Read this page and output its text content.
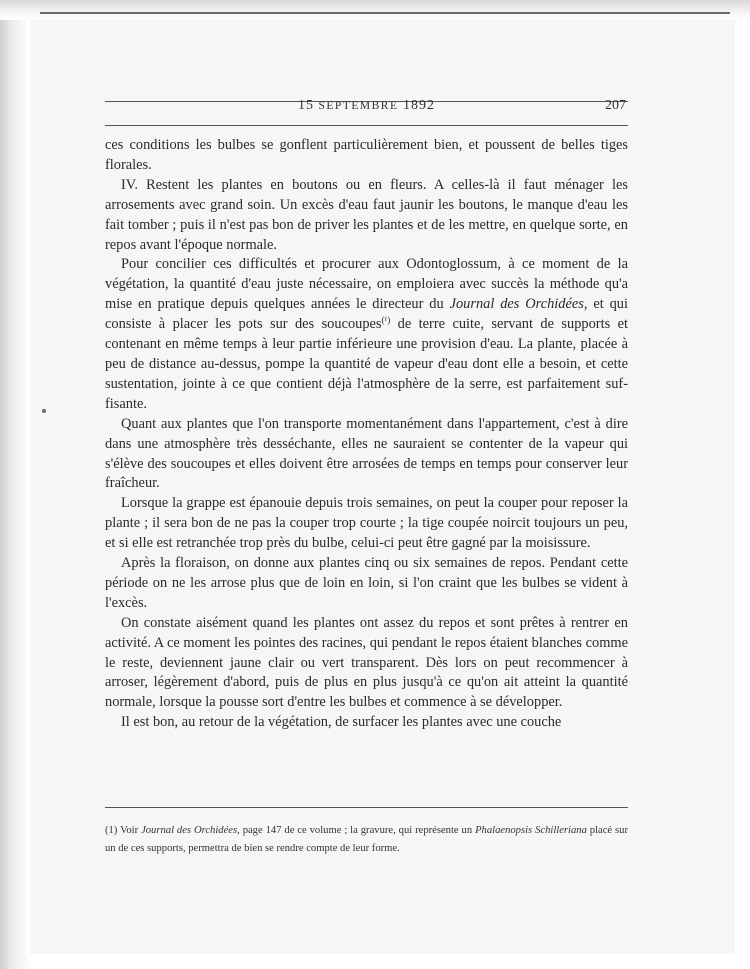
15 SEPTEMBRE 1892	207

ces conditions les bulbes se gonflent particulièrement bien, et poussent de belles tiges florales.

IV. Restent les plantes en boutons ou en fleurs. A celles-là il faut ménager les arrosements avec grand soin. Un excès d'eau faut jaunir les boutons, le manque d'eau les fait tomber ; puis il n'est pas bon de priver les plantes et de les mettre, en quelque sorte, en repos avant l'époque normale.

Pour concilier ces difficultés et procurer aux Odontoglossum, à ce moment de la végétation, la quantité d'eau juste nécessaire, on emploiera avec succès la méthode qu'a mise en pratique depuis quelques années le directeur du Journal des Orchidées, et qui consiste à placer les pots sur des soucoupes$^{(^1)}$ de terre cuite, servant de supports et contenant en même temps à leur partie inférieure une provision d'eau. La plante, placée à peu de distance au-dessus, pompe la quantité de vapeur d'eau dont elle a besoin, et cette sustentation, jointe à ce que contient déjà l'atmosphère de la serre, est parfaitement suf- fisante.

Quant aux plantes que l'on transporte momentanément dans l'appartement, c'est à dire dans une atmosphère très desséchante, elles ne sauraient se contenter de la vapeur qui s'élève des soucoupes et elles doivent être arrosées de temps en temps pour conserver leur fraîcheur.

Lorsque la grappe est épanouie depuis trois semaines, on peut la couper pour reposer la plante ; il sera bon de ne pas la couper trop courte ; la tige coupée noircit toujours un peu, et si elle est retranchée trop près du bulbe, celui-ci peut être gagné par la moisissure.

Après la floraison, on donne aux plantes cinq ou six semaines de repos. Pendant cette période on ne les arrose plus que de loin en loin, si l'on craint que les bulbes se vident à l'excès.

On constate aisément quand les plantes ont assez du repos et sont prêtes à rentrer en activité. A ce moment les pointes des racines, qui pendant le repos étaient blanches comme le reste, deviennent jaune clair ou vert transparent. Dès lors on peut recommencer à arroser, légèrement d'abord, puis de plus en plus jusqu'à ce qu'on ait atteint la quantité normale, lorsque la pousse sort d'entre les bulbes et commence à se développer.

Il est bon, au retour de la végétation, de surfacer les plantes avec une couche

(1) Voir Journal des Orchidées, page 147 de ce volume ; la gravure, qui représente un Phalaenopsis Schilleriana placé sur un de ces supports, permettra de bien se rendre compte de leur forme.
